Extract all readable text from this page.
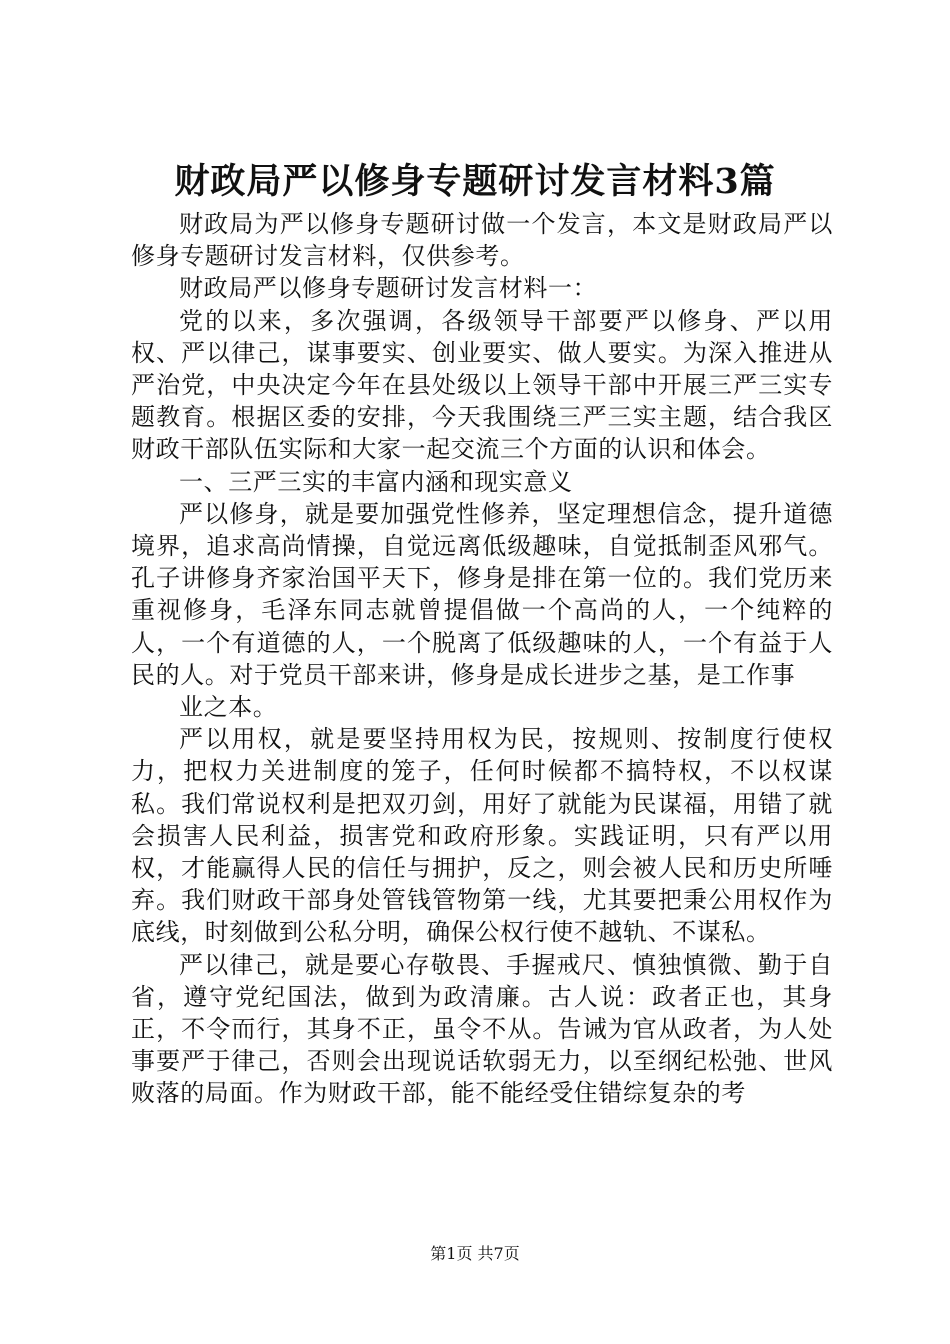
财政局严以修身专题研讨发言材料3篇

财政局为严以修身专题研讨做一个发言，本文是财政局严以修身专题研讨发言材料，仅供参考。

财政局严以修身专题研讨发言材料一：

党的以来，多次强调，各级领导干部要严以修身、严以用权、严以律己，谋事要实、创业要实、做人要实。为深入推进从严治党，中央决定今年在县处级以上领导干部中开展三严三实专题教育。根据区委的安排，今天我围绕三严三实主题，结合我区财政干部队伍实际和大家一起交流三个方面的认识和体会。

一、三严三实的丰富内涵和现实意义

严以修身，就是要加强党性修养，坚定理想信念，提升道德境界，追求高尚情操，自觉远离低级趣味，自觉抵制歪风邪气。孔子讲修身齐家治国平天下，修身是排在第一位的。我们党历来重视修身，毛泽东同志就曾提倡做一个高尚的人，一个纯粹的人，一个有道德的人，一个脱离了低级趣味的人，一个有益于人民的人。对于党员干部来讲，修身是成长进步之基，是工作事

业之本。

严以用权，就是要坚持用权为民，按规则、按制度行使权力，把权力关进制度的笼子，任何时候都不搞特权，不以权谋私。我们常说权利是把双刃剑，用好了就能为民谋福，用错了就会损害人民利益，损害党和政府形象。实践证明，只有严以用权，才能赢得人民的信任与拥护，反之，则会被人民和历史所唾弃。我们财政干部身处管钱管物第一线，尤其要把秉公用权作为底线，时刻做到公私分明，确保公权行使不越轨、不谋私。

严以律己，就是要心存敬畏、手握戒尺、慎独慎微、勤于自省，遵守党纪国法，做到为政清廉。古人说：政者正也，其身正，不令而行，其身不正，虽令不从。告诫为官从政者，为人处事要严于律己，否则会出现说话软弱无力，以至纲纪松弛、世风败落的局面。作为财政干部，能不能经受住错综复杂的考

第1页 共7页
